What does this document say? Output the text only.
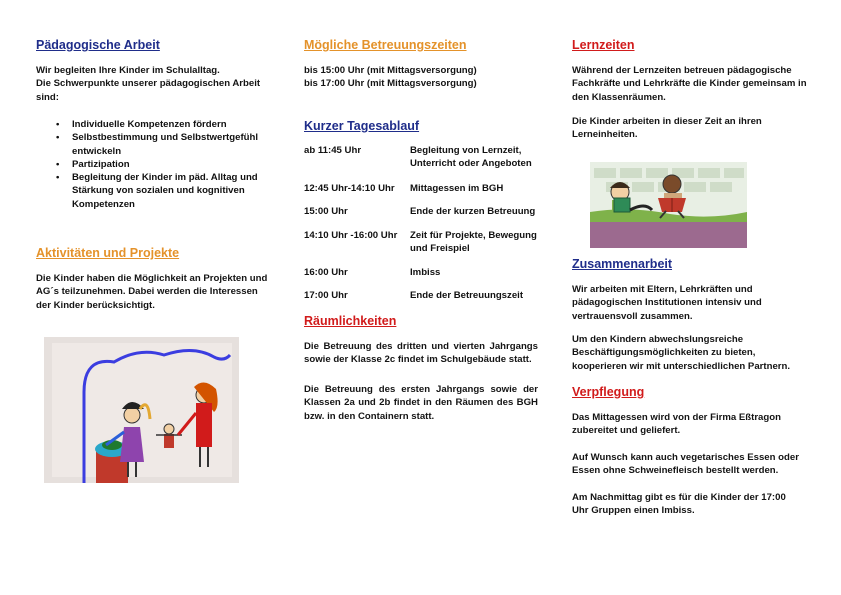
Pädagogische Arbeit
Wir begleiten Ihre Kinder im Schulalltag.
Die Schwerpunkte unserer pädagogischen Arbeit
sind:
• Individuelle Kompetenzen fördern
• Selbstbestimmung und Selbstwertgefühl entwickeln
• Partizipation
• Begleitung der Kinder im päd. Alltag und Stärkung von sozialen und kognitiven Kompetenzen
Aktivitäten und Projekte
Die Kinder haben die Möglichkeit an Projekten und AG´s teilzunehmen. Dabei werden die Interessen der Kinder berücksichtigt.
Mögliche Betreuungszeiten
bis 15:00 Uhr (mit Mittagsversorgung)
bis 17:00 Uhr (mit Mittagsversorgung)
Kurzer Tagesablauf
ab 11:45 Uhr	Begleitung von Lernzeit, Unterricht oder Angeboten
12:45 Uhr-14:10 Uhr Mittagessen im BGH
15:00 Uhr	Ende der kurzen Betreuung
14:10 Uhr -16:00 Uhr Zeit für Projekte, Bewegung und Freispiel
16:00 Uhr	Imbiss
17:00 Uhr	Ende der Betreuungszeit
Räumlichkeiten
Die Betreuung des dritten und vierten Jahrgangs sowie der Klasse 2c findet im Schulgebäude statt.
Die Betreuung des ersten Jahrgangs sowie der Klassen 2a und 2b findet in den Räumen des BGH bzw. in den Containern statt.
Lernzeiten
Während der Lernzeiten betreuen pädagogische Fachkräfte und Lehrkräfte die Kinder gemeinsam in den Klassenräumen.
Die Kinder arbeiten in dieser Zeit an ihren Lerneinheiten.
Zusammenarbeit
Wir arbeiten mit Eltern, Lehrkräften und pädagogischen Institutionen intensiv und vertrauensvoll zusammen.
Um den Kindern abwechslungsreiche Beschäftigungsmöglichkeiten zu bieten, kooperieren wir mit unterschiedlichen Partnern.
Verpflegung
Das Mittagessen wird von der Firma Eßtragon zubereitet und geliefert.
Auf Wunsch kann auch vegetarisches Essen oder Essen ohne Schweinefleisch bestellt werden.
Am Nachmittag gibt es für die Kinder der 17:00 Uhr Gruppen einen Imbiss.
